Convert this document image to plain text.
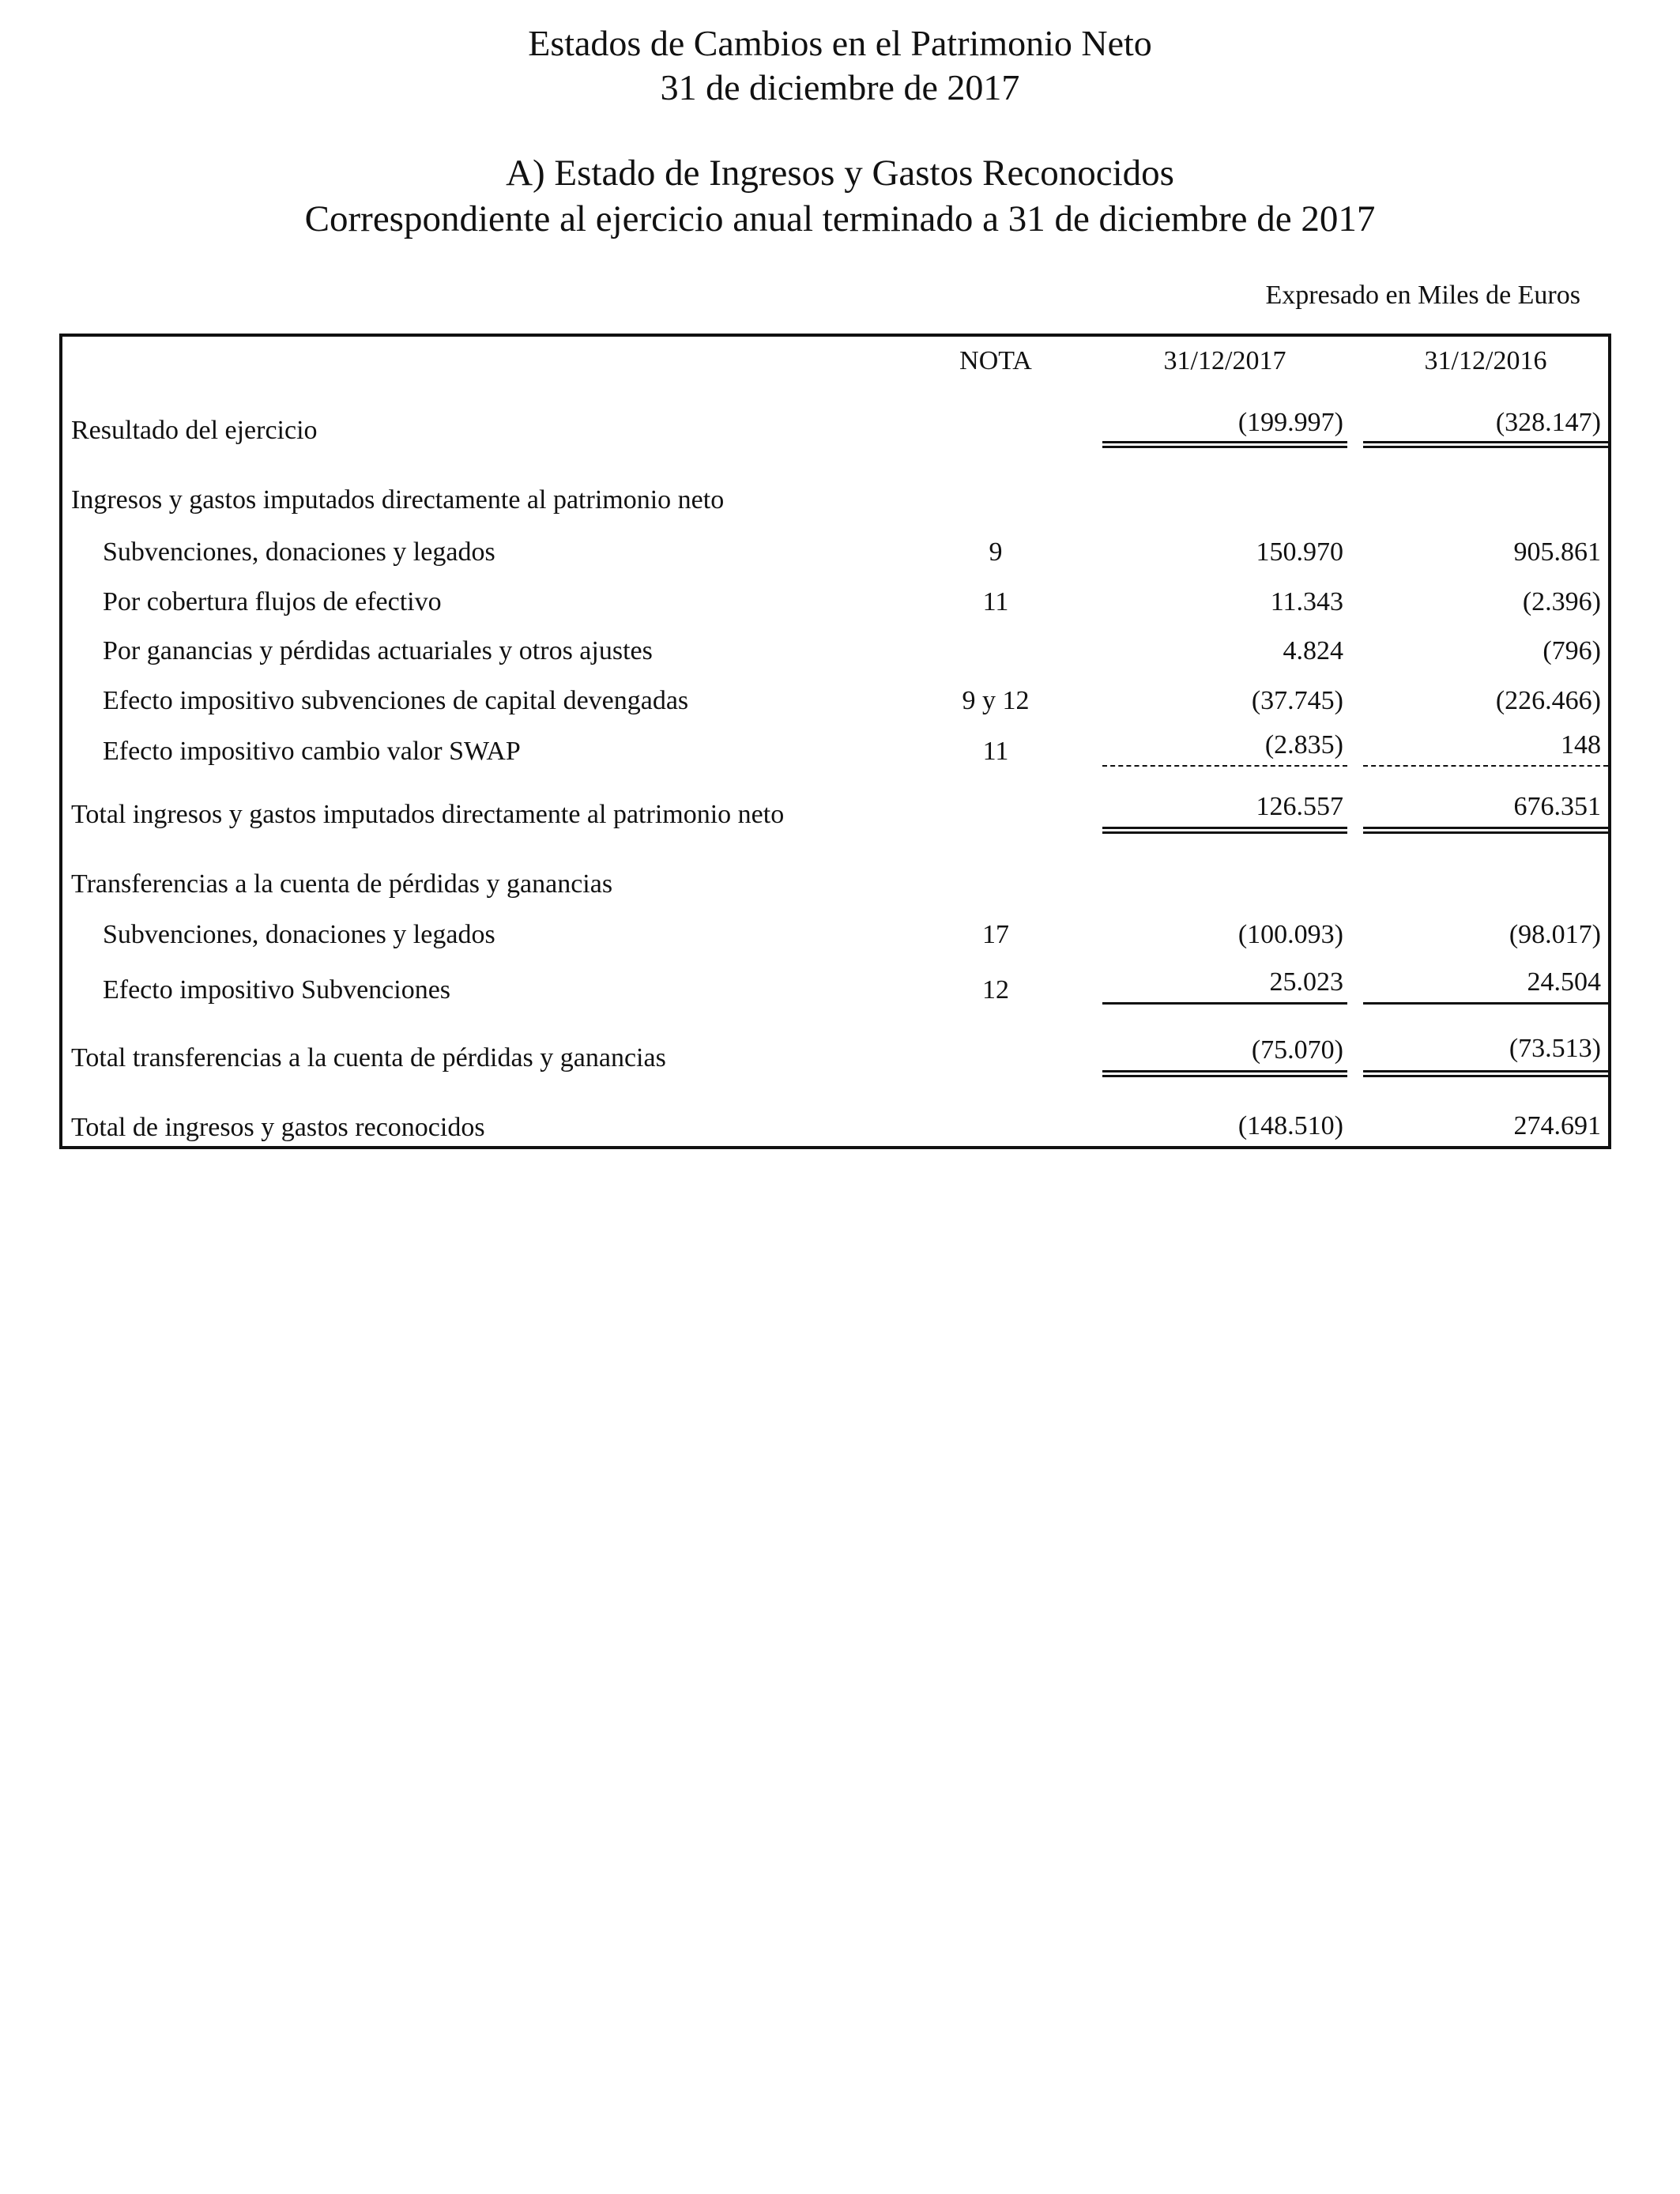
Estados de Cambios en el Patrimonio Neto
31 de diciembre de 2017
A) Estado de Ingresos y Gastos Reconocidos
Correspondiente al ejercicio anual terminado a 31 de diciembre de 2017
Expresado en Miles de Euros
NOTA	31/12/2017	31/12/2016
Resultado del ejercicio	(199.997)	(328.147)
Ingresos y gastos imputados directamente al patrimonio neto
Subvenciones, donaciones y legados	9	150.970	905.861
Por cobertura flujos de efectivo	11	11.343	(2.396)
Por ganancias y pérdidas actuariales y otros ajustes	4.824	(796)
Efecto impositivo subvenciones de capital devengadas	9 y 12	(37.745)	(226.466)
Efecto impositivo cambio valor SWAP	11	(2.835)	148
Total ingresos y gastos imputados directamente al patrimonio neto	126.557	676.351
Transferencias a la cuenta de pérdidas y ganancias
Subvenciones, donaciones y legados	17	(100.093)	(98.017)
Efecto impositivo Subvenciones	12	25.023	24.504
Total transferencias a la cuenta de pérdidas y ganancias	(75.070)	(73.513)
Total de ingresos y gastos reconocidos	(148.510)	274.691
